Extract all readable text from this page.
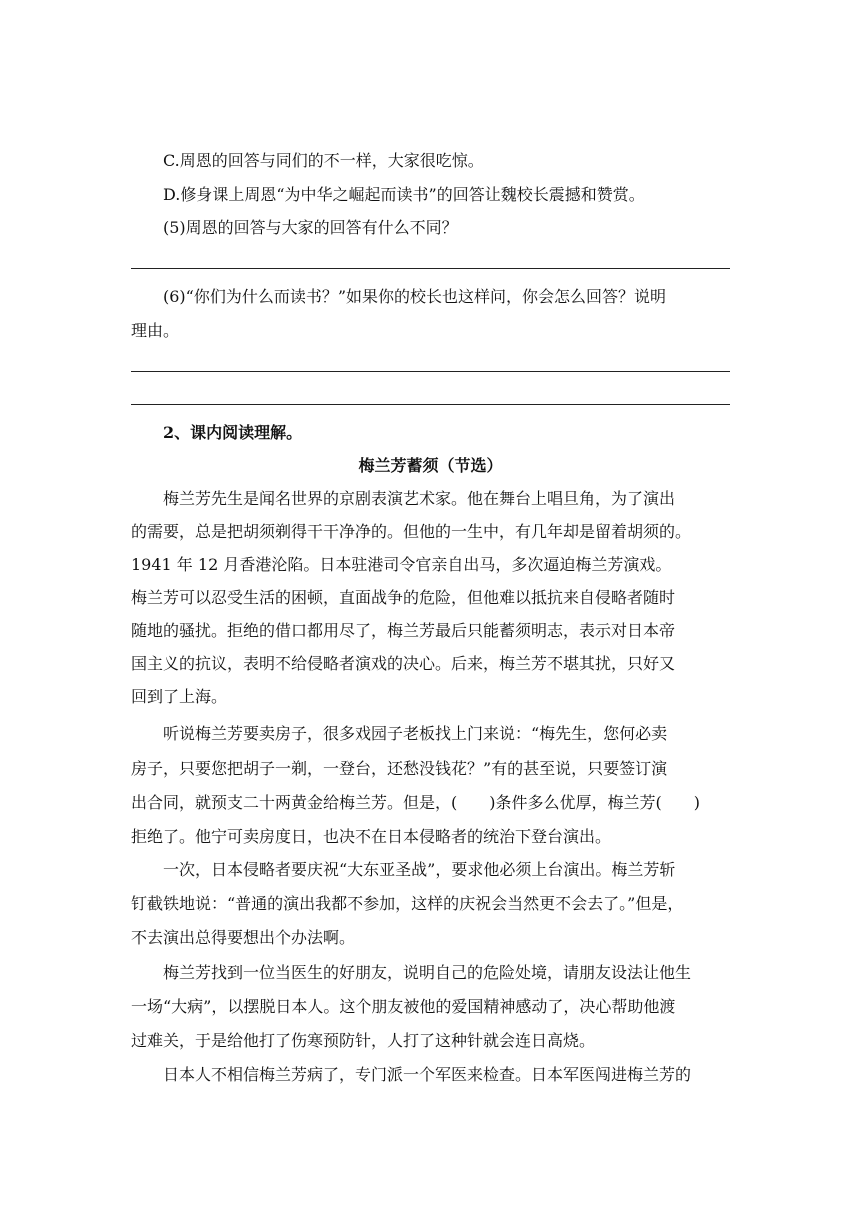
C.周恩的回答与同们的不一样，大家很吃惊。
D.修身课上周恩“为中华之崛起而读书”的回答让魏校长震撼和赞赏。
(5)周恩的回答与大家的回答有什么不同？
(6)“你们为什么而读书？”如果你的校长也这样问，你会怎么回答？说明
理由。
2、课内阅读理解。
梅兰芳蓄须（节选）
梅兰芳先生是闻名世界的京剧表演艺术家。他在舞台上唱旦角，为了演出
的需要，总是把胡须剃得干干净净的。但他的一生中，有几年却是留着胡须的。
1941 年 12 月香港沦陷。日本驻港司令官亲自出马，多次逼迫梅兰芳演戏。
梅兰芳可以忍受生活的困顿，直面战争的危险，但他难以抵抗来自侵略者随时
随地的骚扰。拒绝的借口都用尽了，梅兰芳最后只能蓄须明志，表示对日本帝
国主义的抗议，表明不给侵略者演戏的决心。后来，梅兰芳不堪其扰，只好又
回到了上海。
听说梅兰芳要卖房子，很多戏园子老板找上门来说：“梅先生，您何必卖
房子，只要您把胡子一剃，一登台，还愁没钱花？”有的甚至说，只要签订演
出合同，就预支二十两黄金给梅兰芳。但是，(　　)条件多么优厚，梅兰芳(　　)
拒绝了。他宁可卖房度日，也决不在日本侵略者的统治下登台演出。
一次，日本侵略者要庆祝“大东亚圣战”，要求他必须上台演出。梅兰芳斩
钉截铁地说：“普通的演出我都不参加，这样的庆祝会当然更不会去了。”但是，
不去演出总得要想出个办法啊。
梅兰芳找到一位当医生的好朋友，说明自己的危险处境，请朋友设法让他生
一场“大病”，以摆脱日本人。这个朋友被他的爱国精神感动了，决心帮助他渡
过难关，于是给他打了伤寒预防针，人打了这种针就会连日高烧。
日本人不相信梅兰芳病了，专门派一个军医来检查。日本军医闯进梅兰芳的
